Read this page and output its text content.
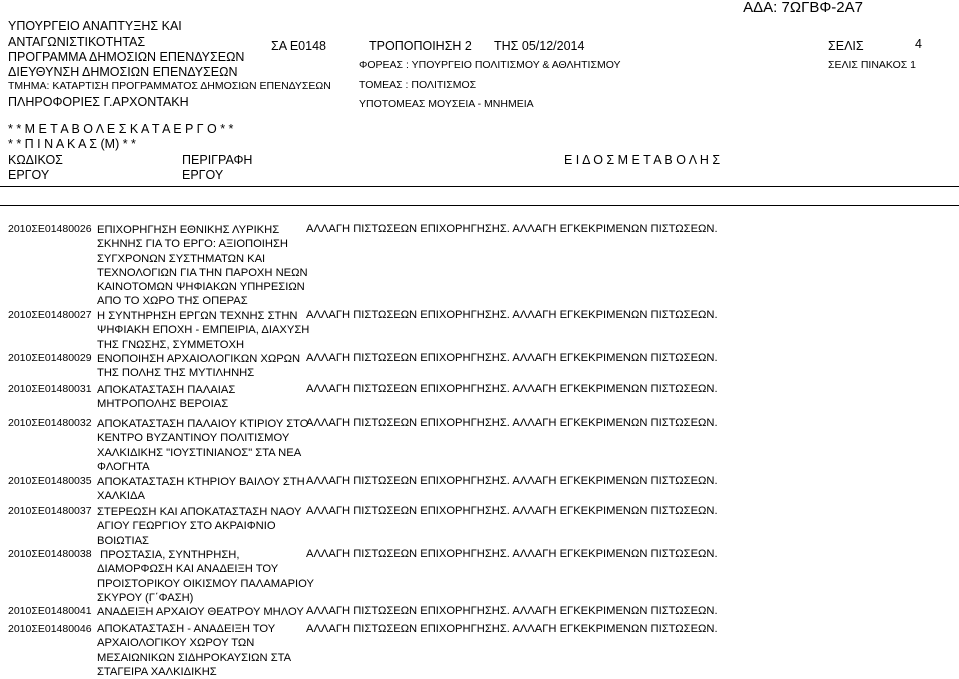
ΑΔΑ: 7ΩΓΒΦ-2Α7
ΥΠΟΥΡΓΕΙΟ ΑΝΑΠΤΥΞΗΣ ΚΑΙ
ΑΝΤΑΓΩΝΙΣΤΙΚΟΤΗΤΑΣ
ΠΡΟΓΡΑΜΜΑ ΔΗΜΟΣΙΩΝ ΕΠΕΝΔΥΣΕΩΝ
ΔΙΕΥΘΥΝΣΗ ΔΗΜΟΣΙΩΝ ΕΠΕΝΔΥΣΕΩΝ
ΤΜΗΜΑ: ΚΑΤΑΡΤΙΣΗ ΠΡΟΓΡΑΜΜΑΤΟΣ ΔΗΜΟΣΙΩΝ ΕΠΕΝΔΥΣΕΩΝ
ΠΛΗΡΟΦΟΡΙΕΣ Γ.ΑΡΧΟΝΤΑΚΗ
ΣΑ Ε0148	ΤΡΟΠΟΠΟΙΗΣΗ 2 ΤΗΣ 05/12/2014
ΦΟΡΕΑΣ : ΥΠΟΥΡΓΕΙΟ ΠΟΛΙΤΙΣΜΟΥ & ΑΘΛΗΤΙΣΜΟΥ
ΤΟΜΕΑΣ : ΠΟΛΙΤΙΣΜΟΣ
ΥΠΟΤΟΜΕΑΣ ΜΟΥΣΕΙΑ - ΜΝΗΜΕΙΑ
ΣΕΛΙΣ	4
ΣΕΛΙΣ ΠΙΝΑΚΟΣ 1
* * Μ Ε Τ Α Β Ο Λ Ε Σ Κ Α Τ Α Ε Ρ Γ Ο * *
* * Π Ι Ν Α Κ Α Σ (Μ) * *
ΚΩΔΙΚΟΣ
ΕΡΓΟΥ
ΠΕΡΙΓΡΑΦΗ
ΕΡΓΟΥ
Ε Ι Δ Ο Σ Μ Ε Τ Α Β Ο Λ Η Σ
2010ΣΕ01480026 ΕΠΙΧΟΡΗΓΗΣΗ ΕΘΝΙΚΗΣ ΛΥΡΙΚΗΣ
ΣΚΗΝΗΣ ΓΙΑ ΤΟ ΕΡΓΟ: ΑΞΙΟΠΟΙΗΣΗ
ΣΥΓΧΡΟΝΩΝ ΣΥΣΤΗΜΑΤΩΝ ΚΑΙ
ΤΕΧΝΟΛΟΓΙΩΝ ΓΙΑ ΤΗΝ ΠΑΡΟΧΗ ΝΕΩΝ
ΚΑΙΝΟΤΟΜΩΝ ΨΗΦΙΑΚΩΝ ΥΠΗΡΕΣΙΩΝ
ΑΠΟ ΤΟ ΧΩΡΟ ΤΗΣ ΟΠΕΡΑΣ
ΑΛΛΑΓΗ ΠΙΣΤΩΣΕΩΝ ΕΠΙΧΟΡΗΓΗΣΗΣ. ΑΛΛΑΓΗ ΕΓΚΕΚΡΙΜΕΝΩΝ ΠΙΣΤΩΣΕΩΝ.
2010ΣΕ01480027 Η ΣΥΝΤΗΡΗΣΗ ΕΡΓΩΝ ΤΕΧΝΗΣ ΣΤΗΝ
ΨΗΦΙΑΚΗ ΕΠΟΧΗ - ΕΜΠΕΙΡΙΑ, ΔΙΑΧΥΣΗ
ΤΗΣ ΓΝΩΣΗΣ, ΣΥΜΜΕΤΟΧΗ
ΑΛΛΑΓΗ ΠΙΣΤΩΣΕΩΝ ΕΠΙΧΟΡΗΓΗΣΗΣ. ΑΛΛΑΓΗ ΕΓΚΕΚΡΙΜΕΝΩΝ ΠΙΣΤΩΣΕΩΝ.
2010ΣΕ01480029 ΕΝΟΠΟΙΗΣΗ ΑΡΧΑΙΟΛΟΓΙΚΩΝ ΧΩΡΩΝ
ΤΗΣ ΠΟΛΗΣ ΤΗΣ ΜΥΤΙΛΗΝΗΣ
ΑΛΛΑΓΗ ΠΙΣΤΩΣΕΩΝ ΕΠΙΧΟΡΗΓΗΣΗΣ. ΑΛΛΑΓΗ ΕΓΚΕΚΡΙΜΕΝΩΝ ΠΙΣΤΩΣΕΩΝ.
2010ΣΕ01480031 ΑΠΟΚΑΤΑΣΤΑΣΗ ΠΑΛΑΙΑΣ
ΜΗΤΡΟΠΟΛΗΣ ΒΕΡΟΙΑΣ
ΑΛΛΑΓΗ ΠΙΣΤΩΣΕΩΝ ΕΠΙΧΟΡΗΓΗΣΗΣ. ΑΛΛΑΓΗ ΕΓΚΕΚΡΙΜΕΝΩΝ ΠΙΣΤΩΣΕΩΝ.
2010ΣΕ01480032 ΑΠΟΚΑΤΑΣΤΑΣΗ ΠΑΛΑΙΟΥ ΚΤΙΡΙΟΥ ΣΤΟ
ΚΕΝΤΡΟ ΒΥΖΑΝΤΙΝΟΥ ΠΟΛΙΤΙΣΜΟΥ
ΧΑΛΚΙΔΙΚΗΣ "ΙΟΥΣΤΙΝΙΑΝΟΣ" ΣΤΑ ΝΕΑ
ΦΛΟΓΗΤΑ
ΑΛΛΑΓΗ ΠΙΣΤΩΣΕΩΝ ΕΠΙΧΟΡΗΓΗΣΗΣ. ΑΛΛΑΓΗ ΕΓΚΕΚΡΙΜΕΝΩΝ ΠΙΣΤΩΣΕΩΝ.
2010ΣΕ01480035 ΑΠΟΚΑΤΑΣΤΑΣΗ ΚΤΗΡΙΟΥ ΒΑΙΛΟΥ ΣΤΗ
ΧΑΛΚΙΔΑ
ΑΛΛΑΓΗ ΠΙΣΤΩΣΕΩΝ ΕΠΙΧΟΡΗΓΗΣΗΣ. ΑΛΛΑΓΗ ΕΓΚΕΚΡΙΜΕΝΩΝ ΠΙΣΤΩΣΕΩΝ.
2010ΣΕ01480037 ΣΤΕΡΕΩΣΗ ΚΑΙ ΑΠΟΚΑΤΑΣΤΑΣΗ ΝΑΟΥ
ΑΓΙΟΥ ΓΕΩΡΓΙΟΥ ΣΤΟ ΑΚΡΑΙΦΝΙΟ
ΒΟΙΩΤΙΑΣ
ΑΛΛΑΓΗ ΠΙΣΤΩΣΕΩΝ ΕΠΙΧΟΡΗΓΗΣΗΣ. ΑΛΛΑΓΗ ΕΓΚΕΚΡΙΜΕΝΩΝ ΠΙΣΤΩΣΕΩΝ.
2010ΣΕ01480038 ΠΡΟΣΤΑΣΙΑ, ΣΥΝΤΗΡΗΣΗ,
ΔΙΑΜΟΡΦΩΣΗ ΚΑΙ ΑΝΑΔΕΙΞΗ ΤΟΥ
ΠΡΟΙΣΤΟΡΙΚΟΥ ΟΙΚΙΣΜΟΥ ΠΑΛΑΜΑΡΙΟΥ
ΣΚΥΡΟΥ (Γ΄ΦΑΣΗ)
ΑΛΛΑΓΗ ΠΙΣΤΩΣΕΩΝ ΕΠΙΧΟΡΗΓΗΣΗΣ. ΑΛΛΑΓΗ ΕΓΚΕΚΡΙΜΕΝΩΝ ΠΙΣΤΩΣΕΩΝ.
2010ΣΕ01480041 ΑΝΑΔΕΙΞΗ ΑΡΧΑΙΟΥ ΘΕΑΤΡΟΥ ΜΗΛΟΥ ΑΛΛΑΓΗ ΠΙΣΤΩΣΕΩΝ ΕΠΙΧΟΡΗΓΗΣΗΣ. ΑΛΛΑΓΗ ΕΓΚΕΚΡΙΜΕΝΩΝ ΠΙΣΤΩΣΕΩΝ.
2010ΣΕ01480046 ΑΠΟΚΑΤΑΣΤΑΣΗ - ΑΝΑΔΕΙΞΗ ΤΟΥ
ΑΡΧΑΙΟΛΟΓΙΚΟΥ ΧΩΡΟΥ ΤΩΝ
ΜΕΣΑΙΩΝΙΚΩΝ ΣΙΔΗΡΟΚΑΥΣΙΩΝ ΣΤΑ
ΣΤΑΓΕΙΡΑ ΧΑΛΚΙΔΙΚΗΣ
ΑΛΛΑΓΗ ΠΙΣΤΩΣΕΩΝ ΕΠΙΧΟΡΗΓΗΣΗΣ. ΑΛΛΑΓΗ ΕΓΚΕΚΡΙΜΕΝΩΝ ΠΙΣΤΩΣΕΩΝ.
